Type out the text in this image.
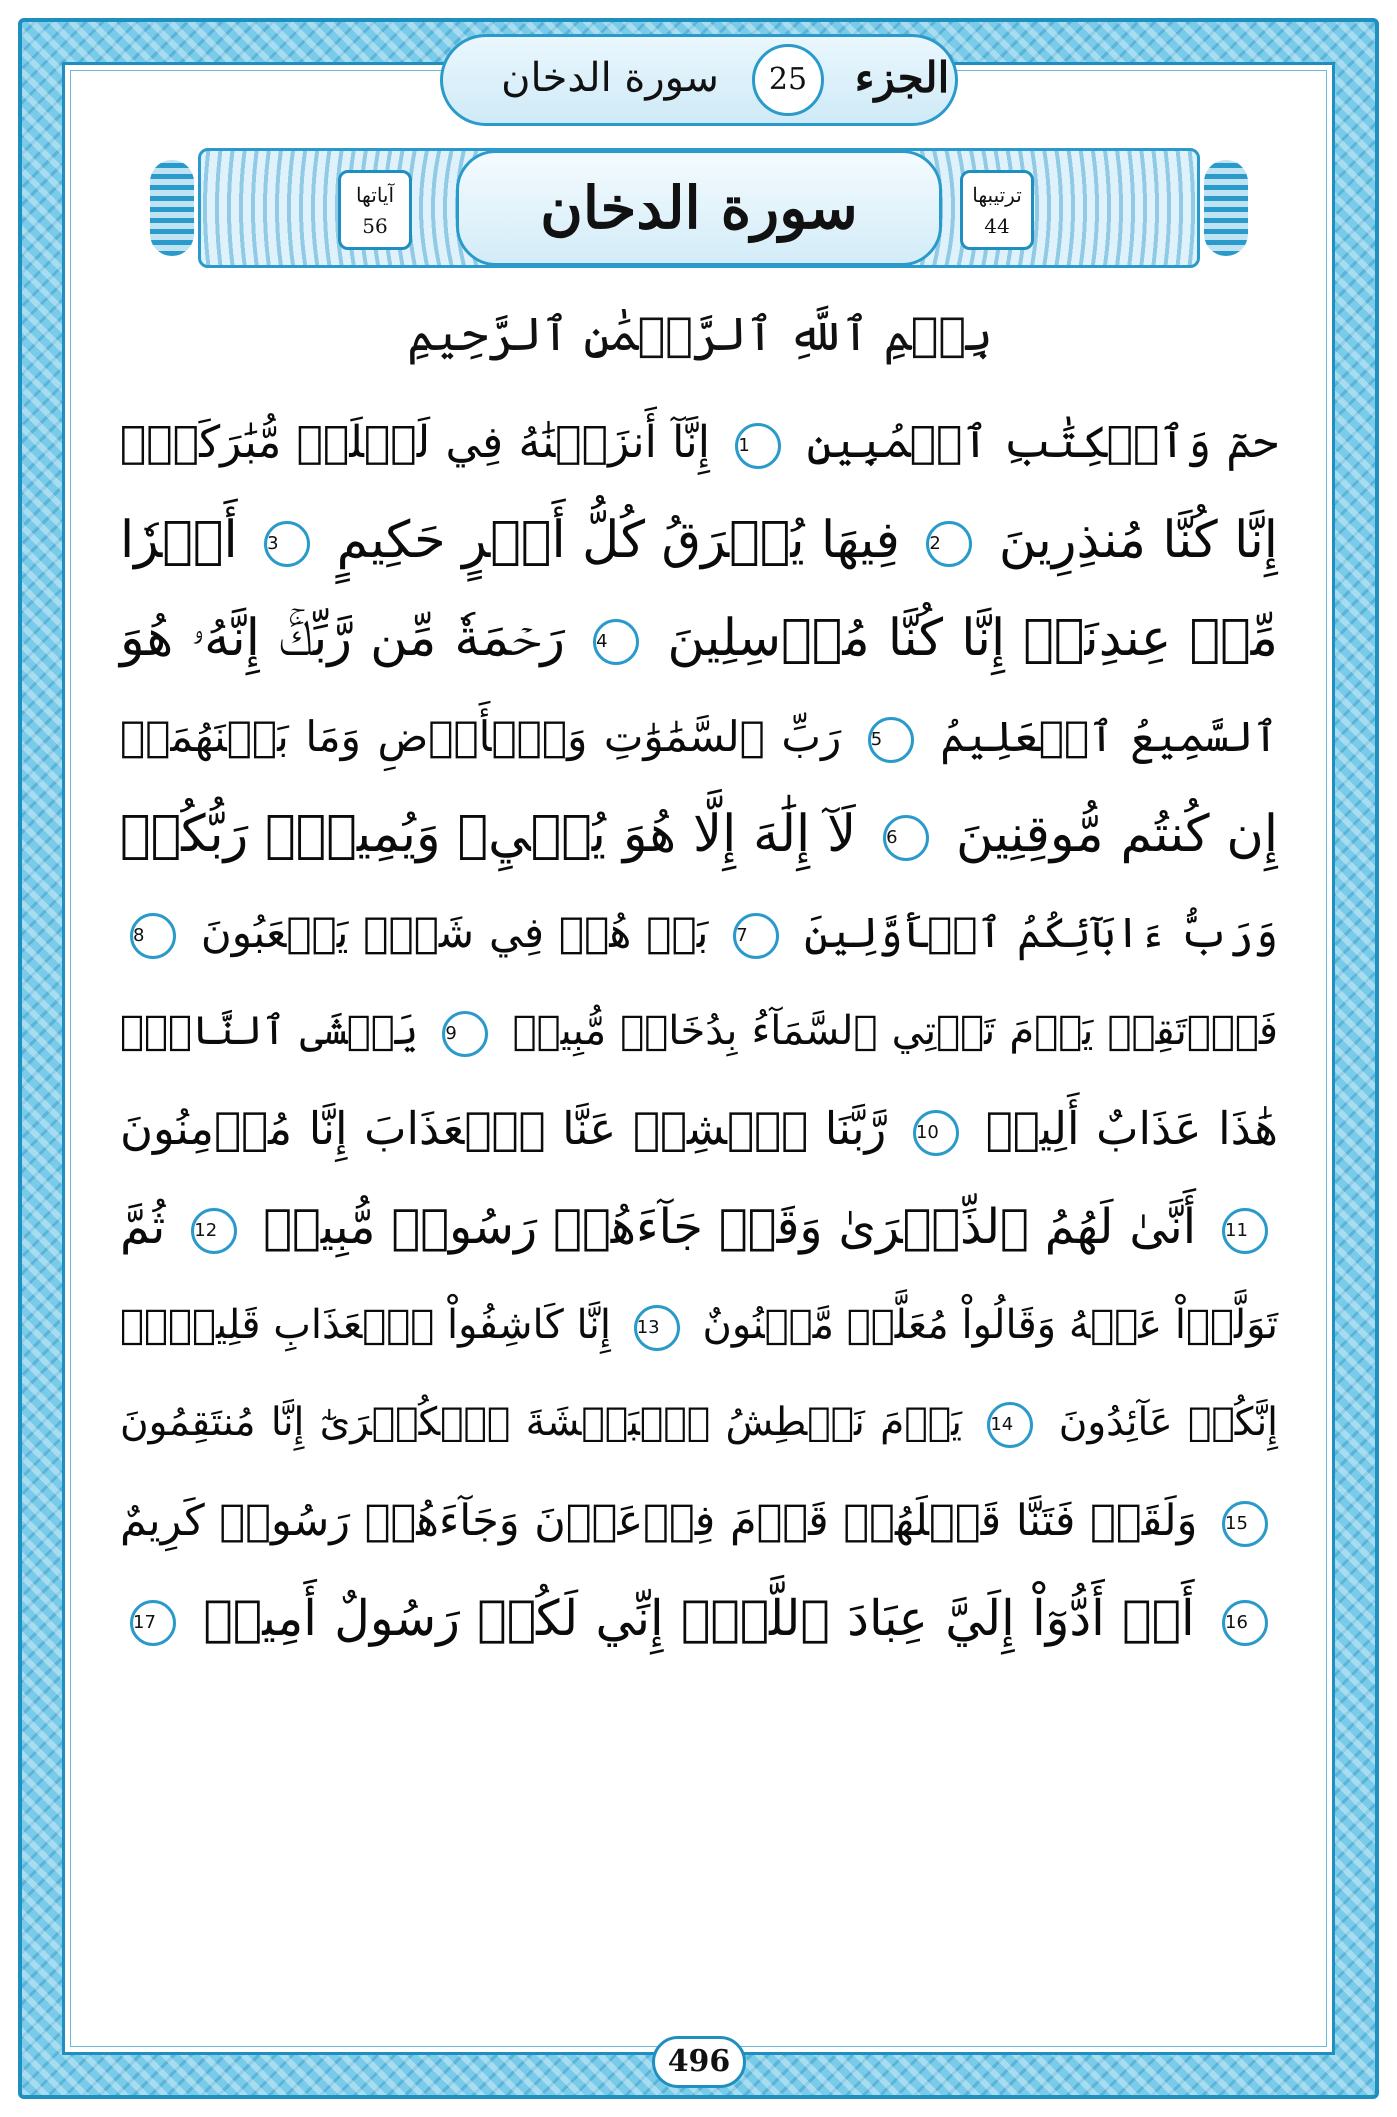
الجزء
25
سورة الدخان
سورة الدخان	ترتيبها
44
آياتها
56
بِسۡمِ ٱللَّهِ ٱلرَّحۡمَٰنِ ٱلرَّحِيمِ
حمٓ وَٱلۡكِتَٰبِ ٱلۡمُبِينِ 1 إِنَّآ أَنزَلۡنَٰهُ فِي لَيۡلَةٖ مُّبَٰرَكَةٍۚ
إِنَّا كُنَّا مُنذِرِينَ 2 فِيهَا يُفۡرَقُ كُلُّ أَمۡرٍ حَكِيمٍ 3 أَمۡرٗا
مِّنۡ عِندِنَآۚ إِنَّا كُنَّا مُرۡسِلِينَ 4 رَحۡمَةٗ مِّن رَّبِّكَۚ إِنَّهُۥ هُوَ
ٱلسَّمِيعُ ٱلۡعَلِيمُ 5 رَبِّ ٱلسَّمَٰوَٰتِ وَٱلۡأَرۡضِ وَمَا بَيۡنَهُمَآۖ
إِن كُنتُم مُّوقِنِينَ 6 لَآ إِلَٰهَ إِلَّا هُوَ يُحۡيِۦ وَيُمِيتُۖ رَبُّكُمۡ
وَرَبُّ ءَابَآئِكُمُ ٱلۡأَوَّلِينَ 7 بَلۡ هُمۡ فِي شَكّٖ يَلۡعَبُونَ 8
فَٱرۡتَقِبۡ يَوۡمَ تَأۡتِي ٱلسَّمَآءُ بِدُخَانٖ مُّبِينٖ 9 يَغۡشَى ٱلنَّاسَۖ
هَٰذَا عَذَابٌ أَلِيمٞ 10 رَّبَّنَا ٱكۡشِفۡ عَنَّا ٱلۡعَذَابَ إِنَّا مُؤۡمِنُونَ
11 أَنَّىٰ لَهُمُ ٱلذِّكۡرَىٰ وَقَدۡ جَآءَهُمۡ رَسُولٞ مُّبِينٞ 12 ثُمَّ
تَوَلَّوۡاْ عَنۡهُ وَقَالُواْ مُعَلَّمٞ مَّجۡنُونٌ 13 إِنَّا كَاشِفُواْ ٱلۡعَذَابِ قَلِيلًاۚ
إِنَّكُمۡ عَآئِدُونَ 14 يَوۡمَ نَبۡطِشُ ٱلۡبَطۡشَةَ ٱلۡكُبۡرَىٰٓ إِنَّا مُنتَقِمُونَ
15 وَلَقَدۡ فَتَنَّا قَبۡلَهُمۡ قَوۡمَ فِرۡعَوۡنَ وَجَآءَهُمۡ رَسُولٞ كَرِيمٌ
16 أَنۡ أَدُّوٓاْ إِلَيَّ عِبَادَ ٱللَّهِۖ إِنِّي لَكُمۡ رَسُولٌ أَمِينٞ 17
496
